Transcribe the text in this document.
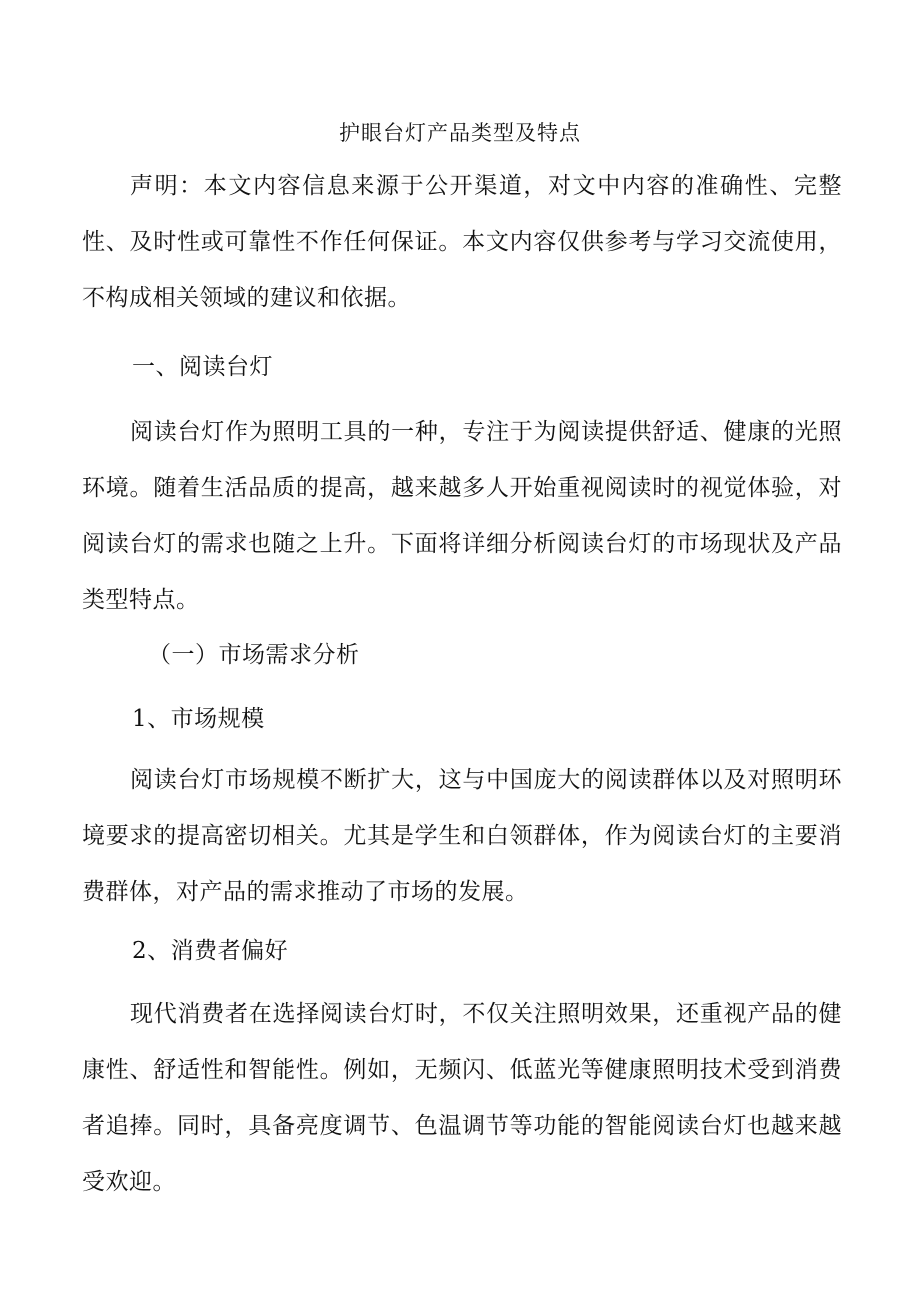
护眼台灯产品类型及特点

声明：本文内容信息来源于公开渠道，对文中内容的准确性、完整性、及时性或可靠性不作任何保证。本文内容仅供参考与学习交流使用，不构成相关领域的建议和依据。

一、阅读台灯

阅读台灯作为照明工具的一种，专注于为阅读提供舒适、健康的光照环境。随着生活品质的提高，越来越多人开始重视阅读时的视觉体验，对阅读台灯的需求也随之上升。下面将详细分析阅读台灯的市场现状及产品类型特点。

（一）市场需求分析

1、市场规模

阅读台灯市场规模不断扩大，这与中国庞大的阅读群体以及对照明环境要求的提高密切相关。尤其是学生和白领群体，作为阅读台灯的主要消费群体，对产品的需求推动了市场的发展。

2、消费者偏好

现代消费者在选择阅读台灯时，不仅关注照明效果，还重视产品的健康性、舒适性和智能性。例如，无频闪、低蓝光等健康照明技术受到消费者追捧。同时，具备亮度调节、色温调节等功能的智能阅读台灯也越来越受欢迎。
